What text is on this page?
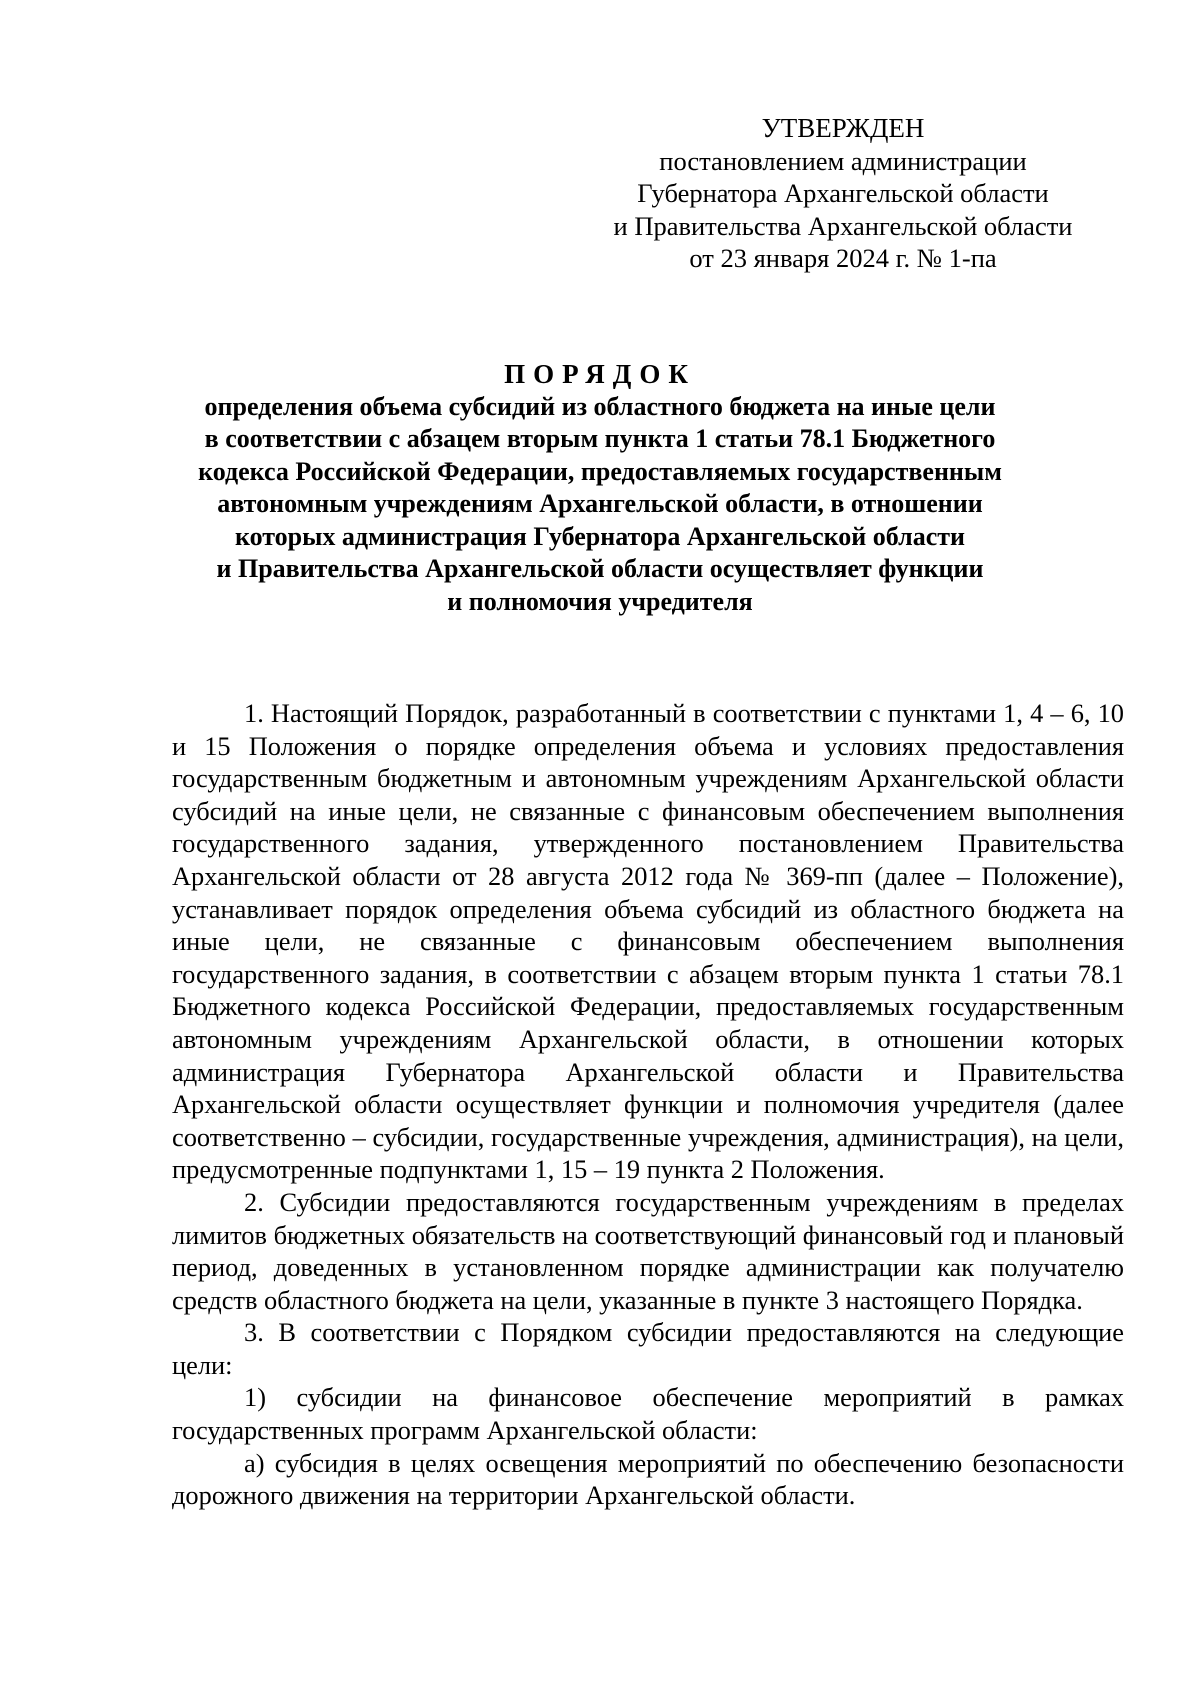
УТВЕРЖДЕН
постановлением администрации
Губернатора Архангельской области
и Правительства Архангельской области
от 23 января 2024 г. № 1-па
ПОРЯДОК
определения объема субсидий из областного бюджета на иные цели
в соответствии с абзацем вторым пункта 1 статьи 78.1 Бюджетного
кодекса Российской Федерации, предоставляемых государственным
автономным учреждениям Архангельской области, в отношении
которых администрация Губернатора Архангельской области
и Правительства Архангельской области осуществляет функции
и полномочия учредителя

1. Настоящий Порядок, разработанный в соответствии с пунктами 1, 4 – 6, 10 и 15 Положения о порядке определения объема и условиях предоставления государственным бюджетным и автономным учреждениям Архангельской области субсидий на иные цели, не связанные с финансовым обеспечением выполнения государственного задания, утвержденного постановлением Правительства Архангельской области от 28 августа 2012 года № 369-пп (далее – Положение), устанавливает порядок определения объема субсидий из областного бюджета на иные цели, не связанные с финансовым обеспечением выполнения государственного задания, в соответствии с абзацем вторым пункта 1 статьи 78.1 Бюджетного кодекса Российской Федерации, предоставляемых государственным автономным учреждениям Архангельской области, в отношении которых администрация Губернатора Архангельской области и Правительства Архангельской области осуществляет функции и полномочия учредителя (далее соответственно – субсидии, государственные учреждения, администрация), на цели, предусмотренные подпунктами 1, 15 – 19 пункта 2 Положения.

2. Субсидии предоставляются государственным учреждениям в пределах лимитов бюджетных обязательств на соответствующий финансовый год и плановый период, доведенных в установленном порядке администрации как получателю средств областного бюджета на цели, указанные в пункте 3 настоящего Порядка.

3. В соответствии с Порядком субсидии предоставляются на следующие цели:

1) субсидии на финансовое обеспечение мероприятий в рамках государственных программ Архангельской области:

а) субсидия в целях освещения мероприятий по обеспечению безопасности дорожного движения на территории Архангельской области.
